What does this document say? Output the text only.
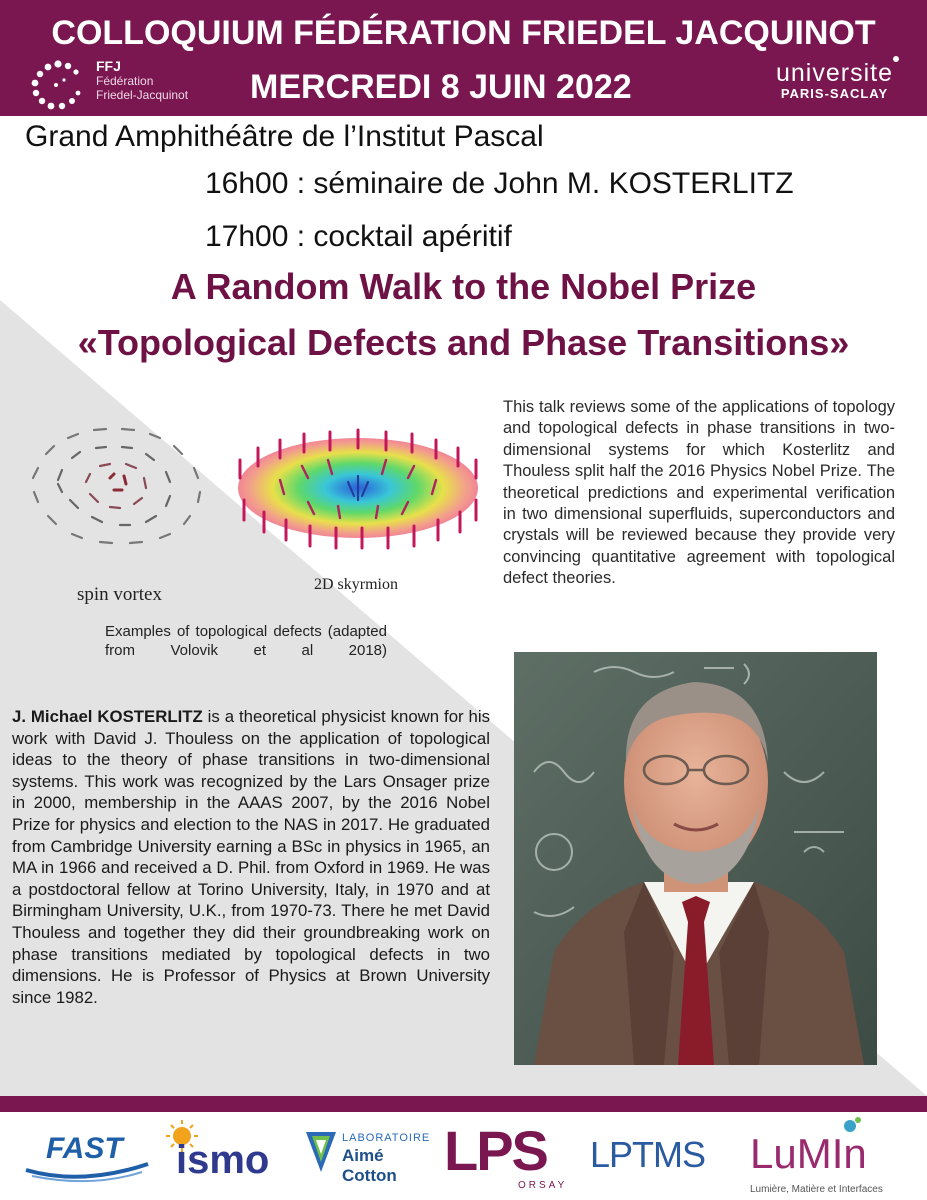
COLLOQUIUM FÉDÉRATION FRIEDEL JACQUINOT
FFJ
Fédération
Friedel-Jacquinot MERCREDI 8 JUIN 2022	universite
PARIS-SACLAY
Grand Amphithéâtre de l’Institut Pascal
16h00 : séminaire de John M. KOSTERLITZ
17h00 : cocktail apéritif
A Random Walk to the Nobel Prize
«Topological Defects and Phase Transitions»
This talk reviews some of the applications of topology and topological defects in phase transitions in two-dimensional systems for which Kosterlitz and Thouless split half the 2016 Physics Nobel Prize. The theoretical predictions and experimental verification in two dimensional superfluids, superconductors and crystals will be reviewed because they provide very convincing quantitative agreement with topological defect theories.
spin vortex	2D skyrmion
Examples of topological defects (adapted from Volovik et al 2018)
J. Michael KOSTERLITZ is a theoretical physicist known for his work with David J. Thouless on the application of topological ideas to the theory of phase transitions in two-dimensional systems. This work was recognized by the Lars Onsager prize in 2000, membership in the AAAS 2007, by the 2016 Nobel Prize for physics and election to the NAS in 2017. He graduated from Cambridge University earning a BSc in physics in 1965, an MA in 1966 and received a D. Phil. from Oxford in 1969. He was a postdoctoral fellow at Torino University, Italy, in 1970 and at Birmingham University, U.K., from 1970-73. There he met David Thouless and together they did their groundbreaking work on phase transitions mediated by topological defects in two dimensions. He is Professor of Physics at Brown University since 1982.
FAST ismo	LABORATOIRE
Aimé Cotton LPS
ORSAY
LPTMS LuMIn
Lumière, Matière et Interfaces
